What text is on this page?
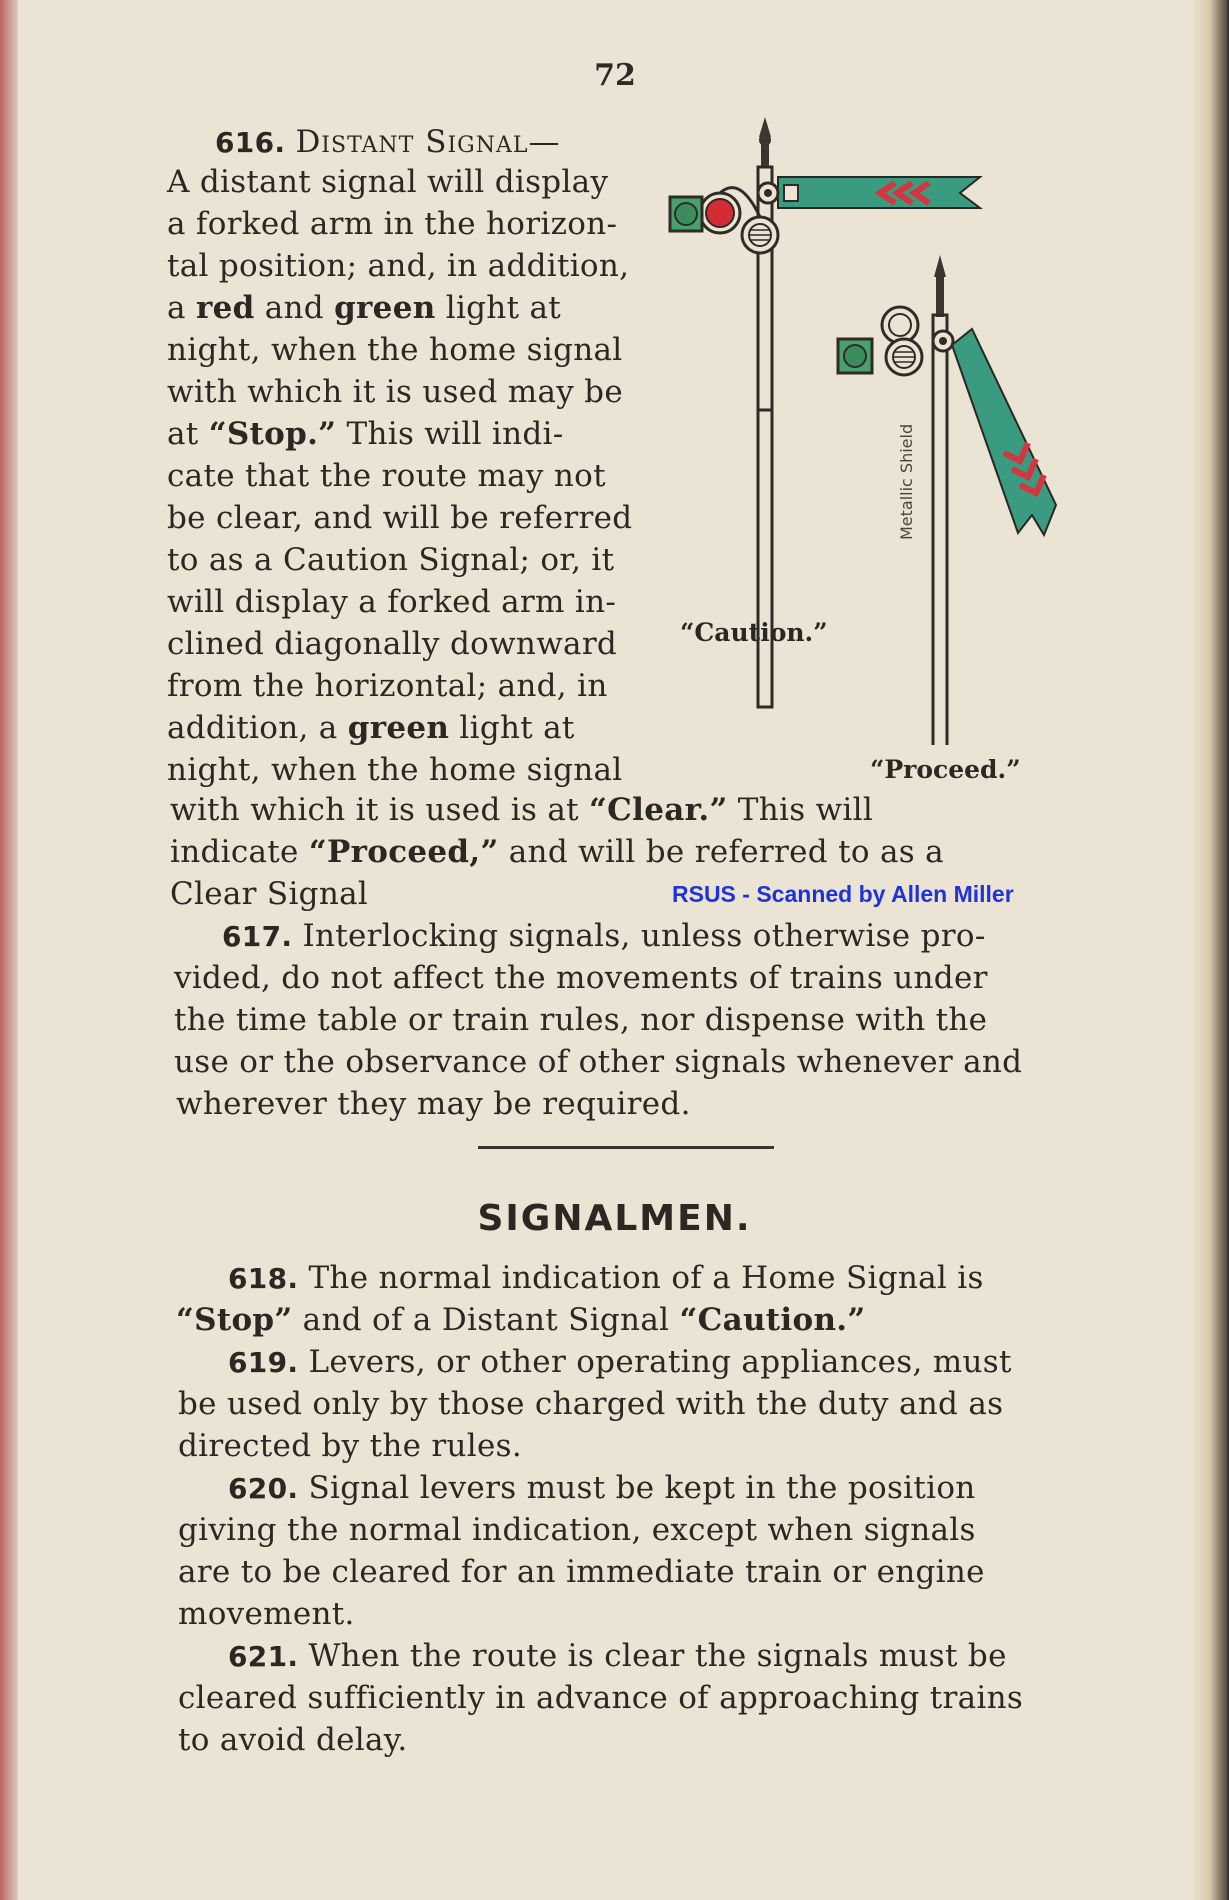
72
Metallic Shield
“Caution.”
“Proceed.”
616. Distant Signal—
A distant signal will display
a forked arm in the horizon-
tal position; and, in addition,
a red and green light at
night, when the home signal
with which it is used may be
at “Stop.” This will indi-
cate that the route may not
be clear, and will be referred
to as a Caution Signal; or, it
will display a forked arm in-
clined diagonally downward
from the horizontal; and, in
addition, a green light at
night, when the home signal
with which it is used is at “Clear.” This will
indicate “Proceed,” and will be referred to as a
Clear Signal	RSUS - Scanned by Allen Miller
617. Interlocking signals, unless otherwise pro-
vided, do not affect the movements of trains under
the time table or train rules, nor dispense with the
use or the observance of other signals whenever and
wherever they may be required.
SIGNALMEN.
618. The normal indication of a Home Signal is
“Stop” and of a Distant Signal “Caution.”
619. Levers, or other operating appliances, must
be used only by those charged with the duty and as
directed by the rules.
620. Signal levers must be kept in the position
giving the normal indication, except when signals
are to be cleared for an immediate train or engine
movement.
621. When the route is clear the signals must be
cleared sufficiently in advance of approaching trains
to avoid delay.
